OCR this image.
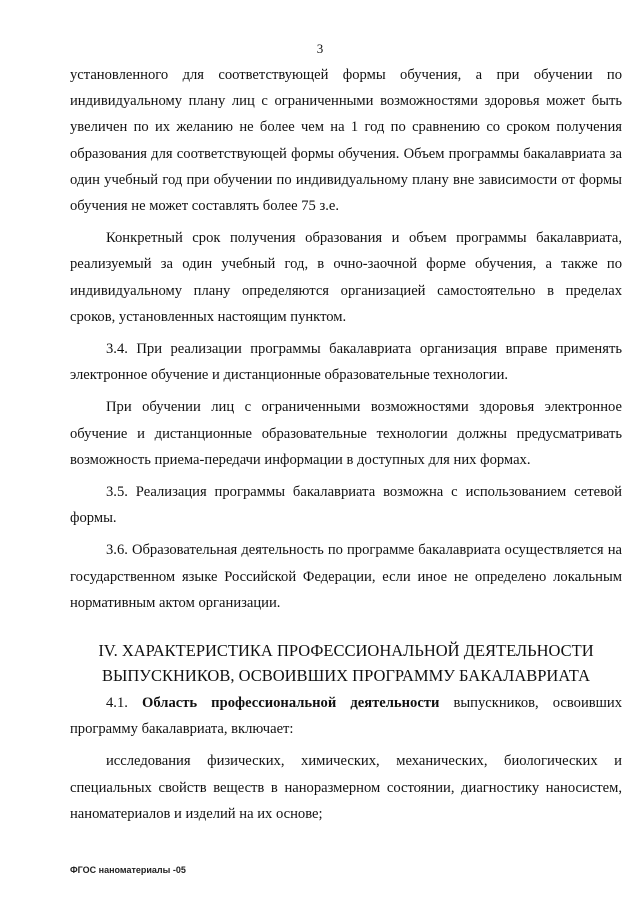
3

установленного для соответствующей формы обучения, а при обучении по индивидуальному плану лиц с ограниченными возможностями здоровья может быть увеличен по их желанию не более чем на 1 год по сравнению со сроком получения образования для соответствующей формы обучения. Объем программы бакалавриата за один учебный год при обучении по индивидуальному плану вне зависимости от формы обучения не может составлять более 75 з.е.

Конкретный срок получения образования и объем программы бакалавриата, реализуемый за один учебный год, в очно-заочной форме обучения, а также по индивидуальному плану определяются организацией самостоятельно в пределах сроков, установленных настоящим пунктом.

3.4. При реализации программы бакалавриата организация вправе применять электронное обучение и дистанционные образовательные технологии.

При обучении лиц с ограниченными возможностями здоровья электронное обучение и дистанционные образовательные технологии должны предусматривать возможность приема-передачи информации в доступных для них формах.

3.5. Реализация программы бакалавриата возможна с использованием сетевой формы.

3.6. Образовательная деятельность по программе бакалавриата осуществляется на государственном языке Российской Федерации, если иное не определено локальным нормативным актом организации.

IV. ХАРАКТЕРИСТИКА ПРОФЕССИОНАЛЬНОЙ ДЕЯТЕЛЬНОСТИ
ВЫПУСКНИКОВ, ОСВОИВШИХ ПРОГРАММУ БАКАЛАВРИАТА

4.1. Область профессиональной деятельности выпускников, освоивших программу бакалавриата, включает:

исследования физических, химических, механических, биологических и специальных свойств веществ в наноразмерном состоянии, диагностику наносистем, наноматериалов и изделий на их основе;

ФГОС наноматериалы -05
